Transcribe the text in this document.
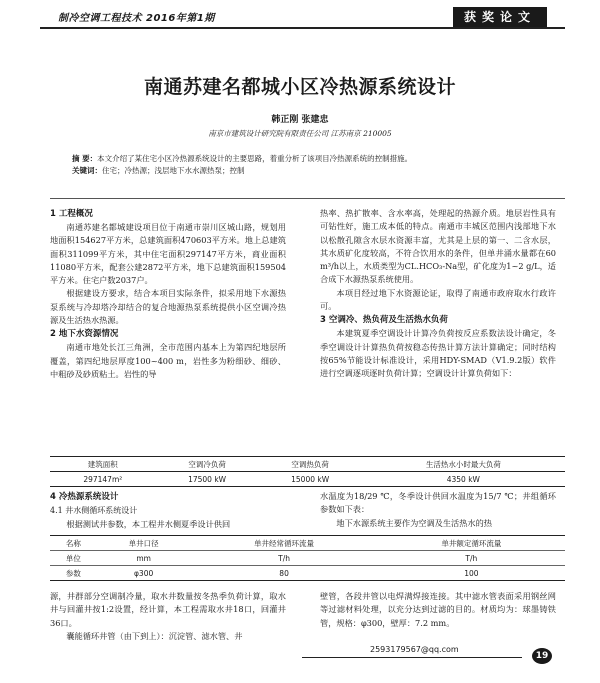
制冷空调工程技术 2016年第1期	获奖论文
南通苏建名都城小区冷热源系统设计
韩正刚 张建忠
南京市建筑设计研究院有限责任公司 江苏南京 210005
摘 要：本文介绍了某住宅小区冷热源系统设计的主要思路，着重分析了该项目冷热源系统的控制措施。
关键词：住宅；冷热源；浅层地下水水源热泵；控制
1 工程概况

南通苏建名都城建设项目位于南通市崇川区城山路，规划用地面积154627平方米，总建筑面积470603平方米。地上总建筑面积311099平方米，其中住宅面积297147平方米，商业面积11080平方米，配套公建2872平方米，地下总建筑面积159504平方米。住宅户数2037户。

根据建设方要求，结合本项目实际条件，拟采用地下水源热泵系统与冷却塔冷却结合的复合地源热泵系统提供小区空调冷热源及生活热水热源。

2 地下水资源情况

南通市地处长江三角洲，全市范围内基本上为第四纪地层所覆盖，第四纪地层厚度100~400 m，岩性多为粉细砂、细砂、中粗砂及砂质粘土。岩性的导

热率、热扩散率、含水率高，处理起的热源介质。地层岩性具有可钻性好，施工成本低的特点。南通市丰城区范围内浅部地下水以松散孔隙含水层水资源丰富，尤其是上层的第一、二含水层，其水质矿化度较高，不符合饮用水的条件，但单井涌水量都在60 m³/h以上，水质类型为CL.HCO₃-Na型，矿化度为1~2 g/L，适合成下水源热泵系统使用。

本项目经过地下水资源论证，取得了南通市政府取水行政许可。

3 空调冷、热负荷及生活热水负荷

本建筑夏季空调设计计算冷负荷按反应系数法设计确定，冬季空调设计计算热负荷按稳态传热计算方法计算确定；同时结构按65%节能设计标准设计，采用HDY-SMAD（V1.9.2版）软件进行空调逐项逐时负荷计算；空调设计计算负荷如下：

建筑面积	空调冷负荷	空调热负荷	生活热水小时最大负荷
297147m²	17500 kW	15000 kW	4350 kW
4 冷热源系统设计
4.1 井水侧循环系统设计

根据测试井参数，本工程井水侧夏季设计供回

水温度为18/29 ℃，冬季设计供回水温度为15/7 ℃；井组循环参数如下表：

地下水源系统主要作为空调及生活热水的热

名称	单井口径	单井经常循环流量	单井额定循环流量
单位	mm	T/h	T/h
参数	φ300	80	100

源，井群部分空调制冷量，取水井数量按冬热季负荷计算，取水井与回灌井按1:2设置，经计算，本工程需取水井18口，回灌井36口。

囊能循环井管（由下到上）：沉淀管、滤水管、井

壁管，各段井管以电焊满焊接连接。其中滤水管表面采用钢丝网等过滤材料处理，以充分达到过滤的目的。材质均为：球墨铸铁管，规格：φ300，壁厚：7.2 mm。

2593179567@qq.com
19
